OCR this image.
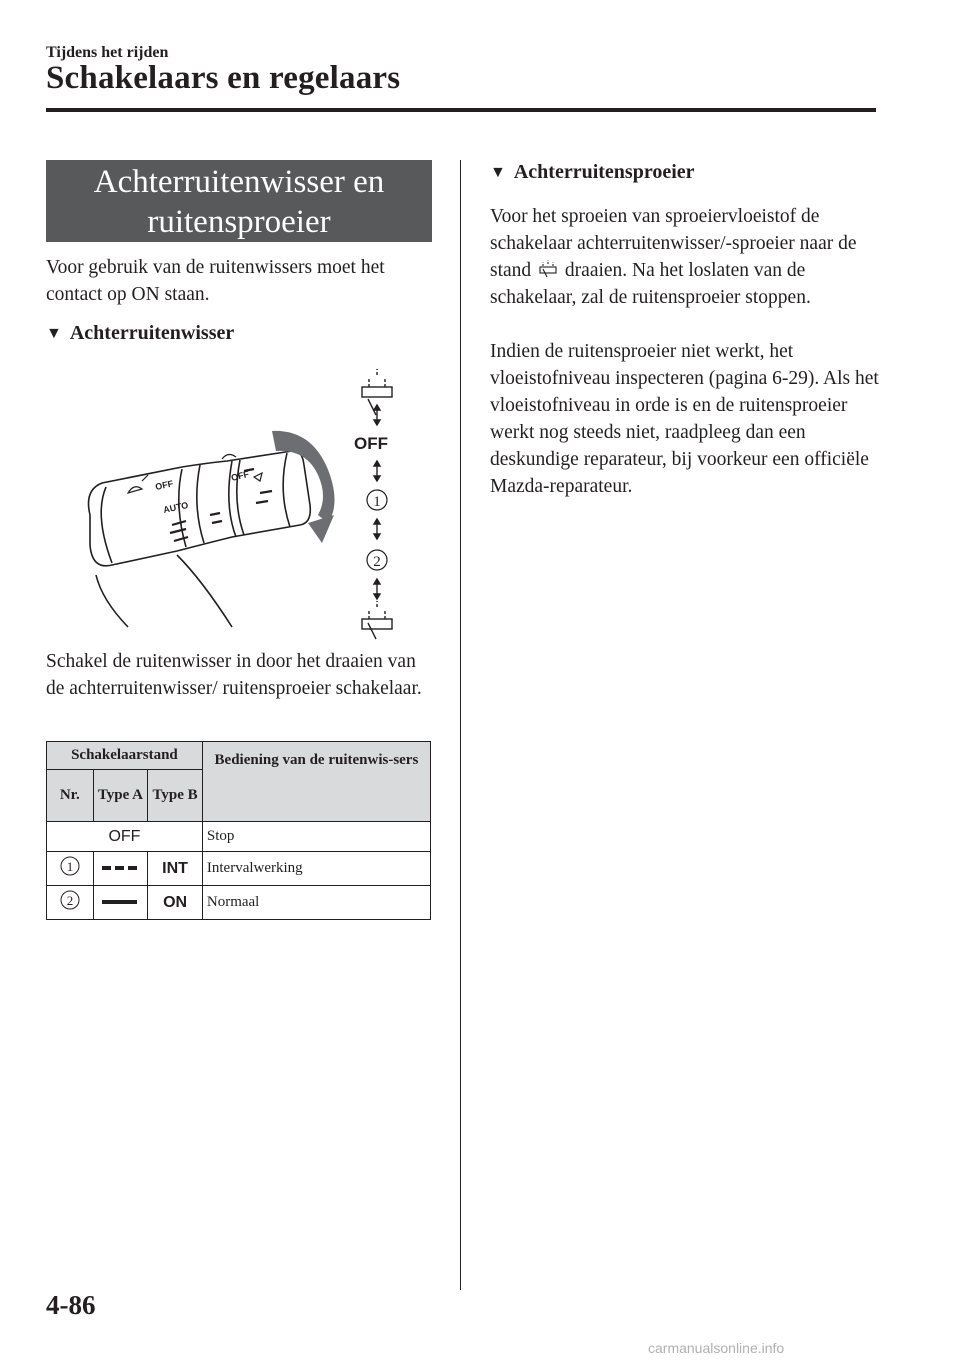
Tijdens het rijden
Schakelaars en regelaars
Achterruitenwisser en
ruitensproeier
Voor gebruik van de ruitenwissers moet het contact op ON staan.
▼ Achterruitenwisser
OFF
AUTO
OFF
OFF
1
2
Schakel de ruitenwisser in door het draaien van de achterruitenwisser/ ruitensproeier schakelaar.
Schakelaarstand			Bediening van de ruitenwis-sers
Nr.	Type A	Type B	
OFF			Stop

1		INT	Intervalwerking

2		ON	Normaal
▼ Achterruitensproeier
Voor het sproeien van sproeiervloeistof de schakelaar achterruitenwisser/-sproeier naar de stand draaien. Na het loslaten van de schakelaar, zal de ruitensproeier stoppen.
Indien de ruitensproeier niet werkt, het vloeistofniveau inspecteren (pagina 6-29). Als het vloeistofniveau in orde is en de ruitensproeier werkt nog steeds niet, raadpleeg dan een deskundige reparateur, bij voorkeur een officiële Mazda-reparateur.
4-86
carmanualsonline.info
